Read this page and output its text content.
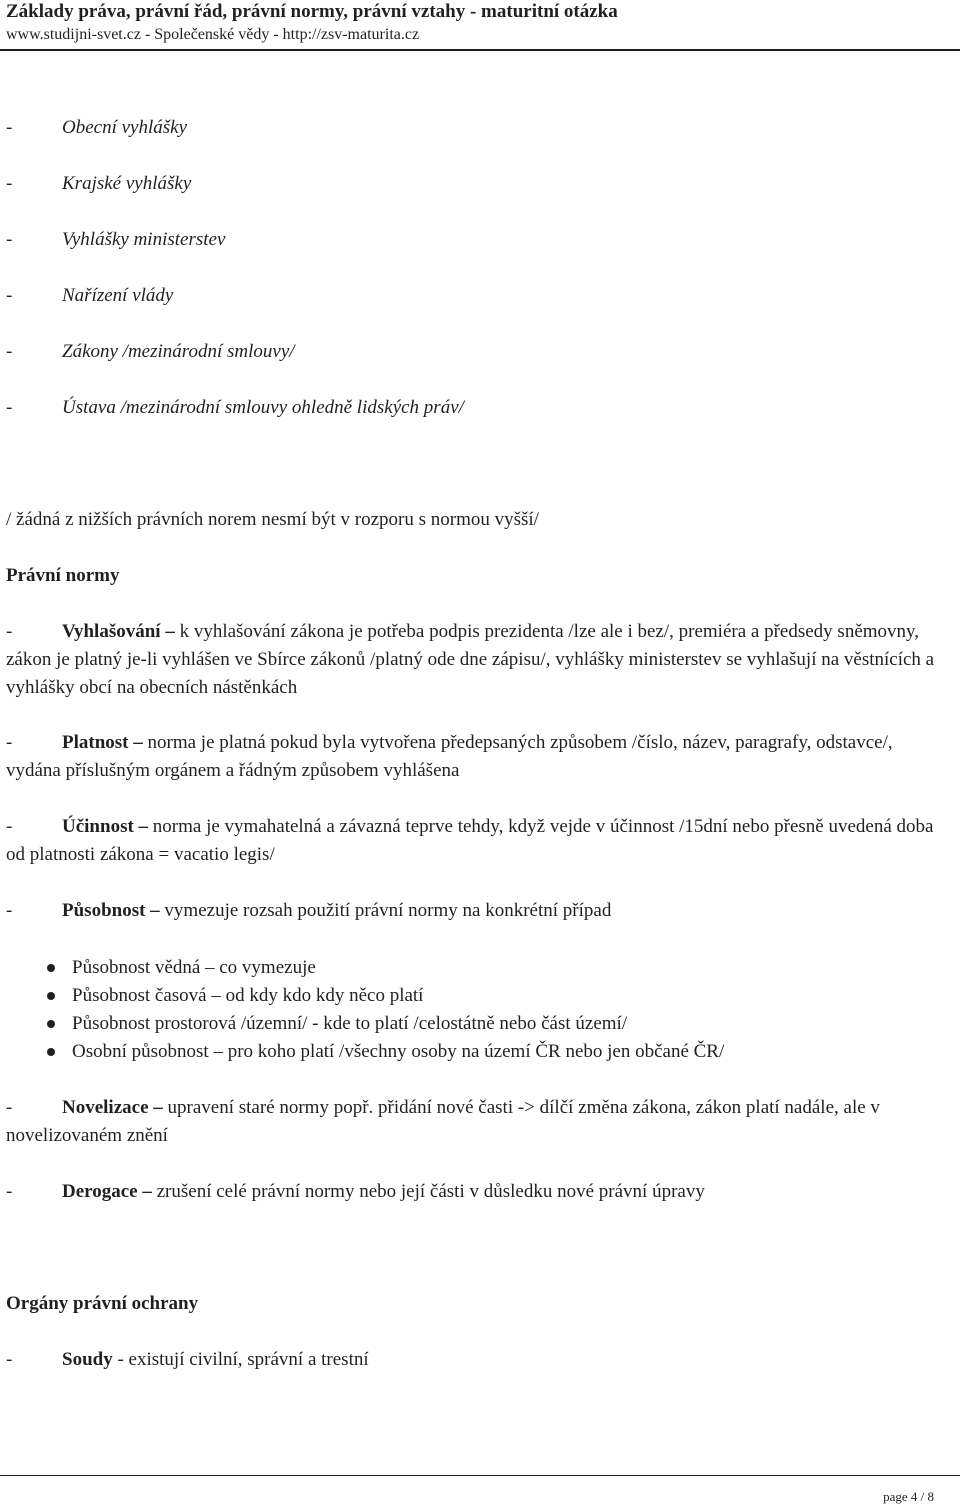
Základy práva, právní řád, právní normy, právní vztahy - maturitní otázka
www.studijni-svet.cz - Společenské vědy - http://zsv-maturita.cz
-	Obecní vyhlášky
-	Krajské vyhlášky
-	Vyhlášky ministerstev
-	Nařízení vlády
-	Zákony /mezinárodní smlouvy/
-	Ústava /mezinárodní smlouvy ohledně lidských práv/
/ žádná z nižších právních norem nesmí být v rozporu s normou vyšší/
Právní normy
-	Vyhlašování – k vyhlašování zákona je potřeba podpis prezidenta /lze ale i bez/, premiéra a předsedy sněmovny, zákon je platný je-li vyhlášen ve Sbírce zákonů /platný ode dne zápisu/, vyhlášky ministerstev se vyhlašují na věstnících a vyhlášky obcí na obecních nástěnkách
-	Platnost – norma je platná pokud byla vytvořena předepsaných způsobem /číslo, název, paragrafy, odstavce/, vydána příslušným orgánem a řádným způsobem vyhlášena
-	Účinnost – norma je vymahatelná a závazná teprve tehdy, když vejde v účinnost /15dní nebo přesně uvedená doba od platnosti zákona = vacatio legis/
-	Působnost – vymezuje rozsah použití právní normy na konkrétní případ
Působnost vědná – co vymezuje
Působnost časová – od kdy kdo kdy něco platí
Působnost prostorová /územní/ - kde to platí /celostátně nebo část území/
Osobní působnost – pro koho platí /všechny osoby na území ČR nebo jen občané ČR/
-	Novelizace – upravení staré normy popř. přidání nové časti -> dílčí změna zákona, zákon platí nadále, ale v novelizovaném znění
-	Derogace – zrušení celé právní normy nebo její části v důsledku nové právní úpravy
Orgány právní ochrany
-	Soudy - existují civilní, správní a trestní
page 4 / 8
